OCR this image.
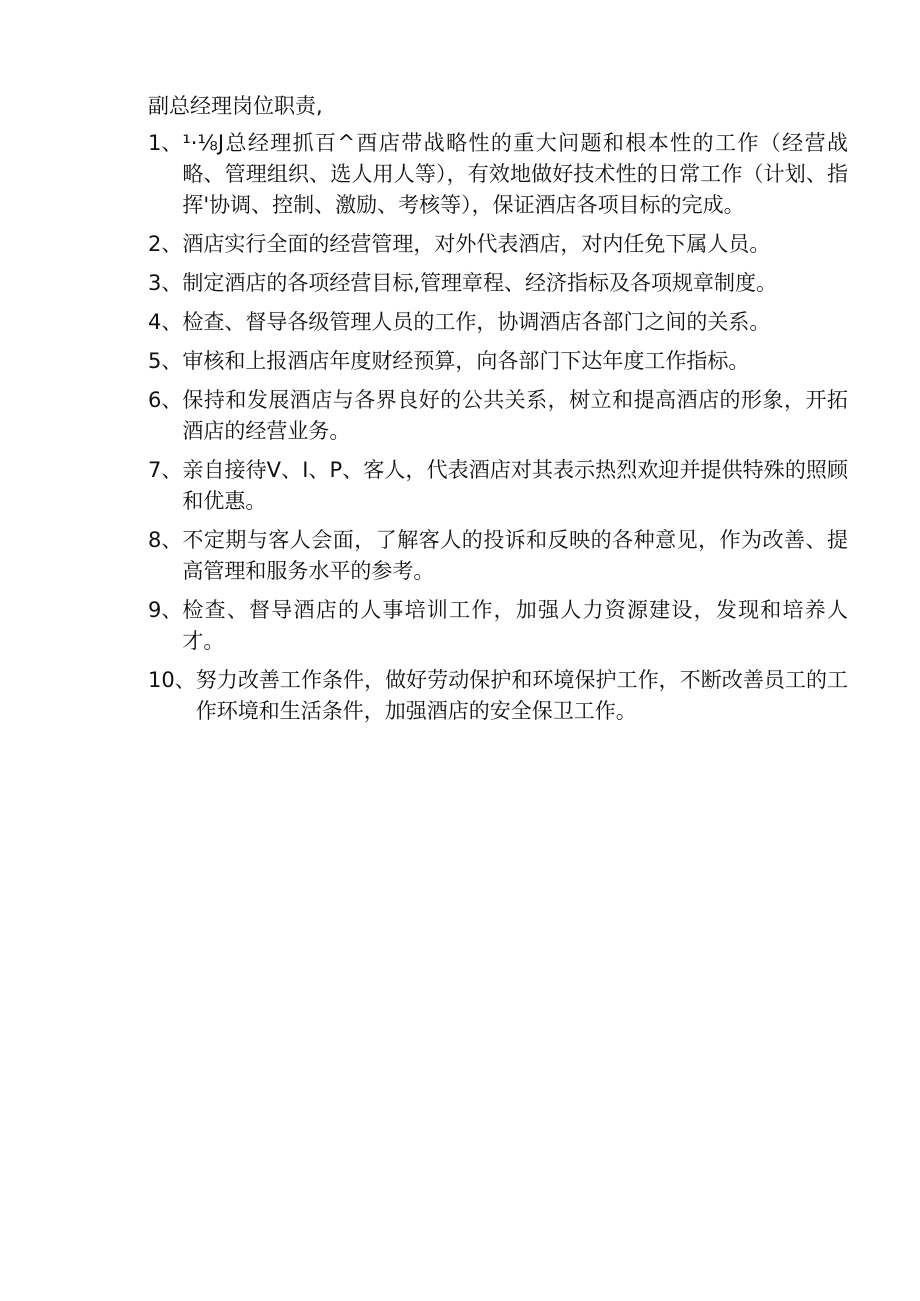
副总经理岗位职责,
1、 ¹·⅛J总经理抓百^酉店带战略性的重大问题和根本性的工作（经营战略、管理组织、选人用人等），有效地做好技术性的日常工作（计划、指挥'协调、控制、激励、考核等），保证酒店各项目标的完成。
2、 酒店实行全面的经营管理，对外代表酒店，对内任免下属人员。
3、 制定酒店的各项经营目标,管理章程、经济指标及各项规章制度。
4、 检查、督导各级管理人员的工作，协调酒店各部门之间的关系。
5、 审核和上报酒店年度财经预算，向各部门下达年度工作指标。
6、 保持和发展酒店与各界良好的公共关系，树立和提高酒店的形象，开拓酒店的经营业务。
7、 亲自接待V、I、P、客人，代表酒店对其表示热烈欢迎并提供特殊的照顾和优惠。
8、 不定期与客人会面，了解客人的投诉和反映的各种意见，作为改善、提高管理和服务水平的参考。
9、 检查、督导酒店的人事培训工作，加强人力资源建设，发现和培养人才。
10、 努力改善工作条件，做好劳动保护和环境保护工作，不断改善员工的工作环境和生活条件，加强酒店的安全保卫工作。
